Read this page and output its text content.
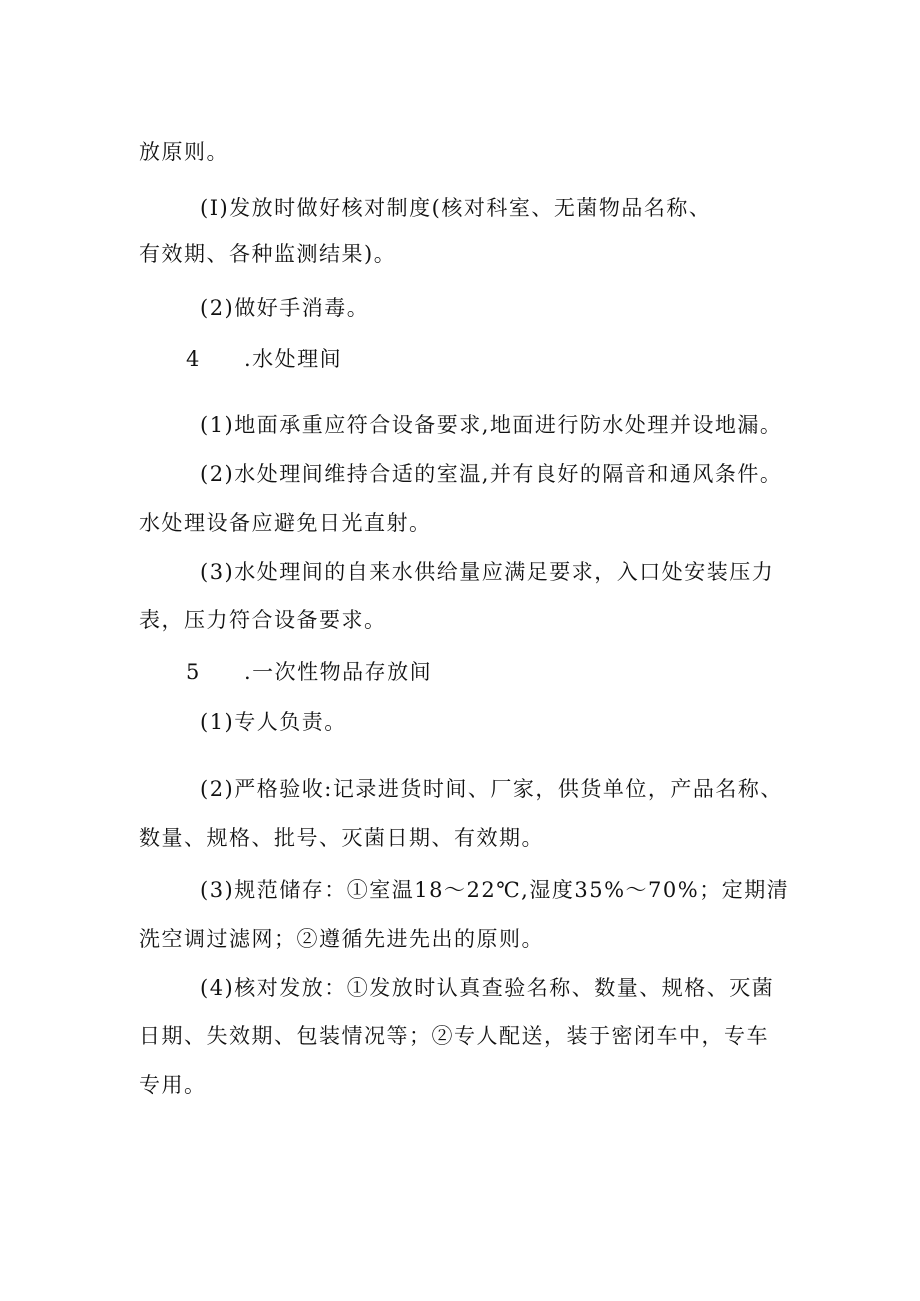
放原则。
(I)发放时做好核对制度(核对科室、无菌物品名称、
有效期、各种监测结果)。
(2)做好手消毒。
4 .水处理间
(1)地面承重应符合设备要求,地面进行防水处理并设地漏。
(2)水处理间维持合适的室温,并有良好的隔音和通风条件。
水处理设备应避免日光直射。
(3)水处理间的自来水供给量应满足要求，入口处安装压力
表，压力符合设备要求。
5 .一次性物品存放间
(1)专人负责。
(2)严格验收:记录进货时间、厂家，供货单位，产品名称、
数量、规格、批号、灭菌日期、有效期。
(3)规范储存：①室温18～22℃,湿度35%～70%；定期清
洗空调过滤网；②遵循先进先出的原则。
(4)核对发放：①发放时认真查验名称、数量、规格、灭菌
日期、失效期、包装情况等；②专人配送，装于密闭车中，专车
专用。
